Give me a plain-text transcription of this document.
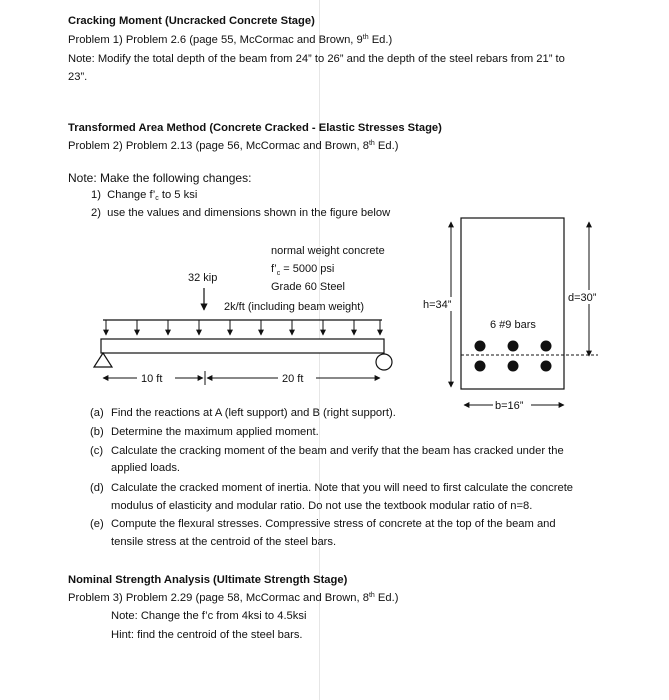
Cracking Moment (Uncracked Concrete Stage)
Problem 1) Problem 2.6 (page 55, McCormac and Brown, 9th Ed.)
Note: Modify the total depth of the beam from 24” to 26” and the depth of the steel rebars from 21” to
23”.
Transformed Area Method (Concrete Cracked - Elastic Stresses Stage)
Problem 2) Problem 2.13 (page 56, McCormac and Brown, 8th Ed.)
Note: Make the following changes:
1) Change $f’_c$ to 5 ksi
2) use the values and dimensions shown in the figure below
normal weight concrete
$f’_c = 5000$ psi
Grade 60 Steel
32 kip
2k/ft (including beam weight)
10 ft	20 ft
h=34”
d=30”
6 #9 bars
b=16”
(a) Find the reactions at A (left support) and B (right support).
(b) Determine the maximum applied moment.
(c) Calculate the cracking moment of the beam and verify that the beam has cracked under the
applied loads.
(d) Calculate the cracked moment of inertia. Note that you will need to first calculate the concrete
modulus of elasticity and modular ratio. Do not use the textbook modular ratio of n=8.
(e) Compute the flexural stresses. Compressive stress of concrete at the top of the beam and
tensile stress at the centroid of the steel bars.
Nominal Strength Analysis (Ultimate Strength Stage)
Problem 3) Problem 2.29 (page 58, McCormac and Brown, 8th Ed.)
Note: Change the f’c from 4ksi to 4.5ksi
Hint: find the centroid of the steel bars.
